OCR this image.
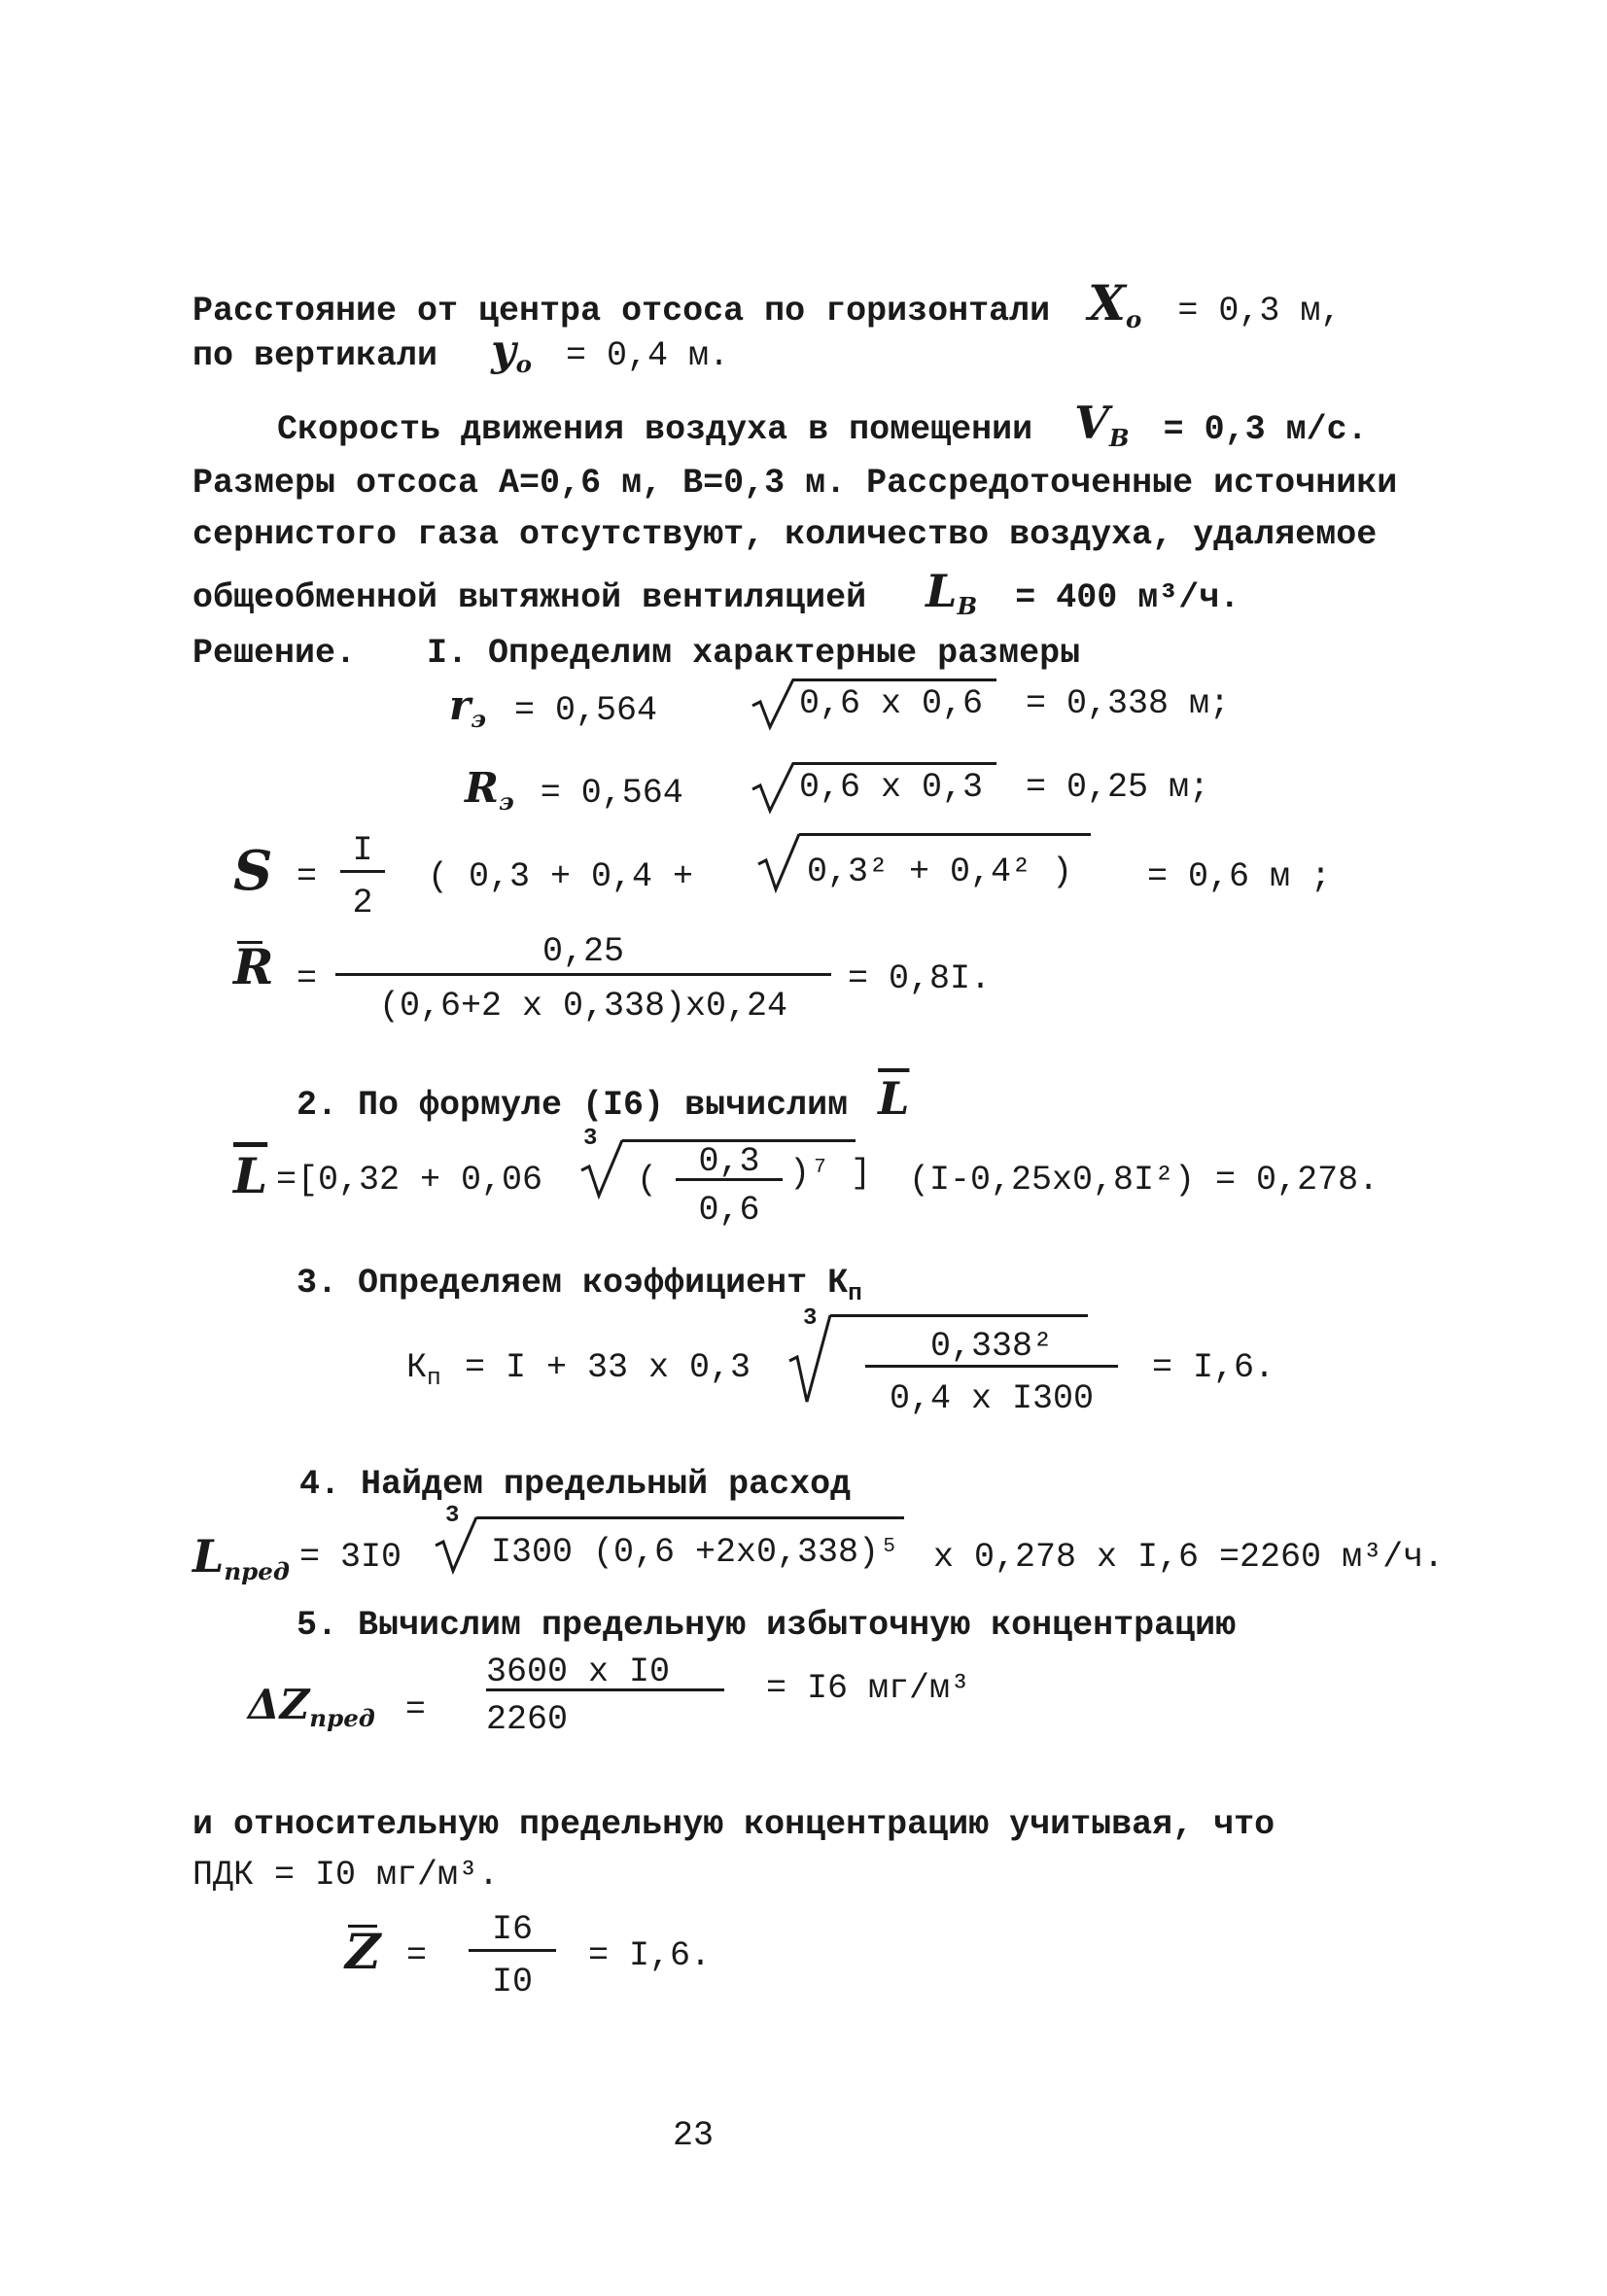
Расстояние от центра отсоса по горизонтали $X_o = 0,3$ м,
по вертикали $y_o = 0,4$ м.
Скорость движения воздуха в помещении $V_B = 0,3$ м/с.
Размеры отсоса А=0,6 м, В=0,3 м. Рассредоточенные источники
сернистого газа отсутствуют, количество воздуха, удаляемое
общеобменной вытяжной вентиляцией $L_B = 400$ м³/ч.
Решение. I. Определим характерные размеры
$r_э = 0,564$	0,6 х 0,6 = 0,338 м;
$R_э = 0,564$	0,6 х 0,3 = 0,25 м;
S =
I
2
( 0,3 + 0,4 +	0,3² + 0,4² ) = 0,6 м ;
R =
0,25
(0,6+2 х 0,338)х0,24
= 0,8I.
2. По формуле (I6) вычислим $\overline{L}$
$\overline{L} = [0,32 + 0,06$
3
(	0,3
0,6
)⁷ ] (I-0,25х0,8I²) = 0,278.
3. Определяем коэффициент $К_п$
$К_п = I + 33$ х 0,3
3
0,338²
0,4 х I300
= I,6.
4. Найдем предельный расход
$L_{пред} = 3I0$
3
I300 (0,6 +2х0,338)⁵ х 0,278 х I,6 =2260 м³/ч.
5. Вычислим предельную избыточную концентрацию
$\Delta Z_{пред}$ =
3600 х I0
2260
= I6 мг/м³
и относительную предельную концентрацию учитывая, что
ПДК = I0 мг/м³.
Z =
I6
I0
= I,6.
23
